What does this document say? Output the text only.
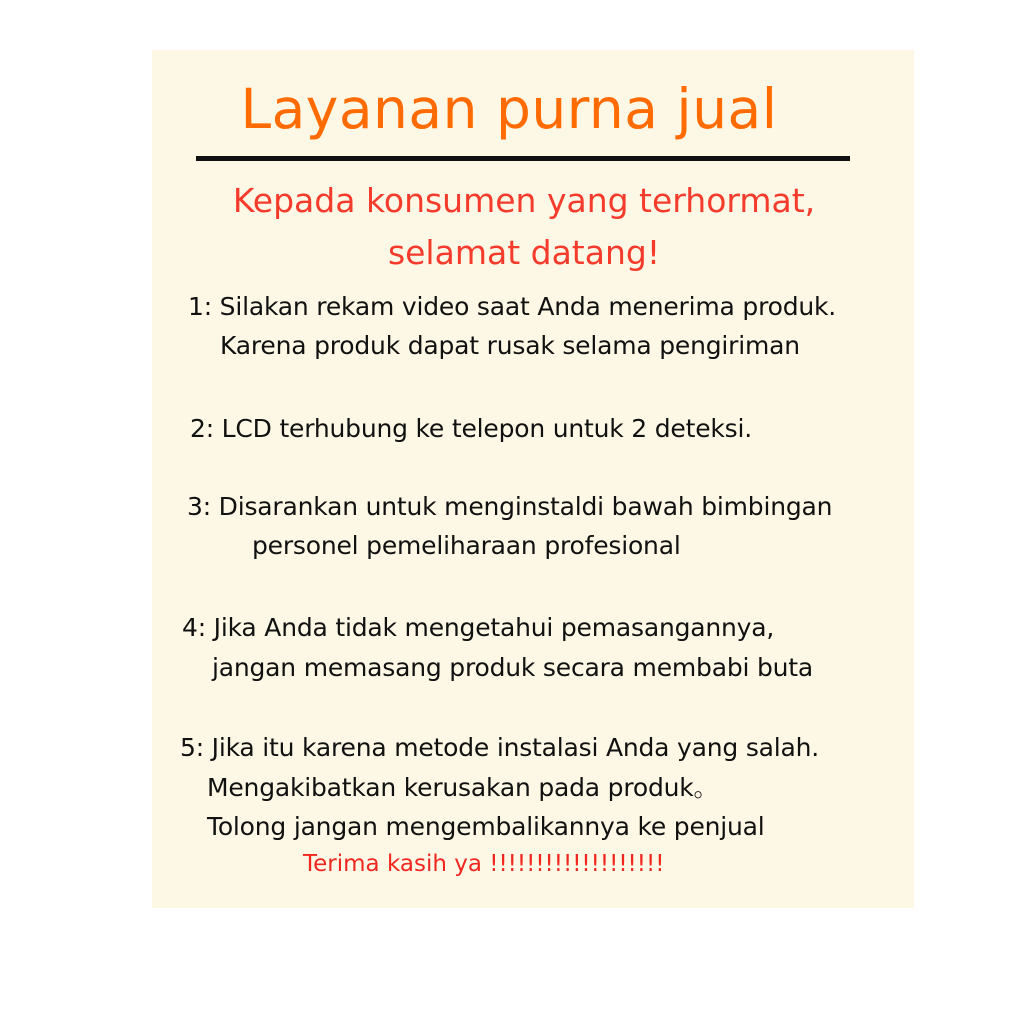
Layanan purna jual

Kepada konsumen yang terhormat,

selamat datang!

1: Silakan rekam video saat Anda menerima produk.

Karena produk dapat rusak selama pengiriman

2: LCD terhubung ke telepon untuk 2 deteksi.

3: Disarankan untuk menginstaldi bawah bimbingan

personel pemeliharaan profesional

4: Jika Anda tidak mengetahui pemasangannya,

jangan memasang produk secara membabi buta

5: Jika itu karena metode instalasi Anda yang salah.

Mengakibatkan kerusakan pada produk。

Tolong jangan mengembalikannya ke penjual

Terima kasih ya !!!!!!!!!!!!!!!!!!!
